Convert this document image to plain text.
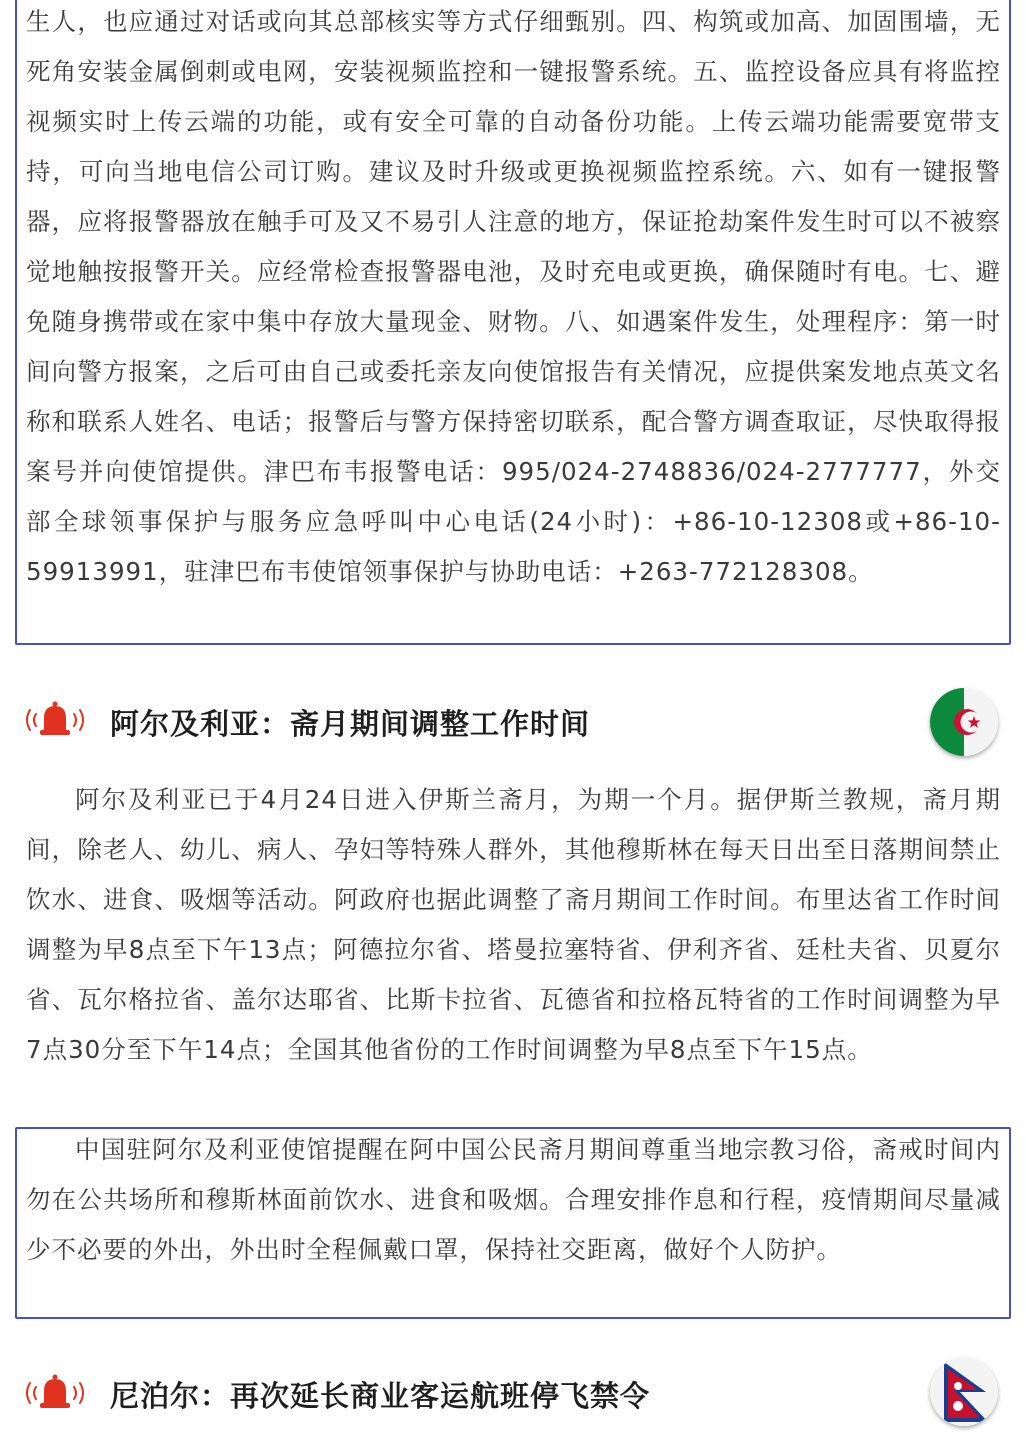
生人，也应通过对话或向其总部核实等方式仔细甄别。四、构筑或加高、加固围墙，无死角安装金属倒刺或电网，安装视频监控和一键报警系统。五、监控设备应具有将监控视频实时上传云端的功能，或有安全可靠的自动备份功能。上传云端功能需要宽带支持，可向当地电信公司订购。建议及时升级或更换视频监控系统。六、如有一键报警器，应将报警器放在触手可及又不易引人注意的地方，保证抢劫案件发生时可以不被察觉地触按报警开关。应经常检查报警器电池，及时充电或更换，确保随时有电。七、避免随身携带或在家中集中存放大量现金、财物。八、如遇案件发生，处理程序：第一时间向警方报案，之后可由自己或委托亲友向使馆报告有关情况，应提供案发地点英文名称和联系人姓名、电话；报警后与警方保持密切联系，配合警方调查取证，尽快取得报案号并向使馆提供。津巴布韦报警电话：995/024-2748836/024-2777777，外交部全球领事保护与服务应急呼叫中心电话(24小时)：+86-10-12308或+86-10-59913991，驻津巴布韦使馆领事保护与协助电话：+263-772128308。

阿尔及利亚：斋月期间调整工作时间

阿尔及利亚已于4月24日进入伊斯兰斋月，为期一个月。据伊斯兰教规，斋月期间，除老人、幼儿、病人、孕妇等特殊人群外，其他穆斯林在每天日出至日落期间禁止饮水、进食、吸烟等活动。阿政府也据此调整了斋月期间工作时间。布里达省工作时间调整为早8点至下午13点；阿德拉尔省、塔曼拉塞特省、伊利齐省、廷杜夫省、贝夏尔省、瓦尔格拉省、盖尔达耶省、比斯卡拉省、瓦德省和拉格瓦特省的工作时间调整为早7点30分至下午14点；全国其他省份的工作时间调整为早8点至下午15点。

中国驻阿尔及利亚使馆提醒在阿中国公民斋月期间尊重当地宗教习俗，斋戒时间内勿在公共场所和穆斯林面前饮水、进食和吸烟。合理安排作息和行程，疫情期间尽量减少不必要的外出，外出时全程佩戴口罩，保持社交距离，做好个人防护。

尼泊尔：再次延长商业客运航班停飞禁令
